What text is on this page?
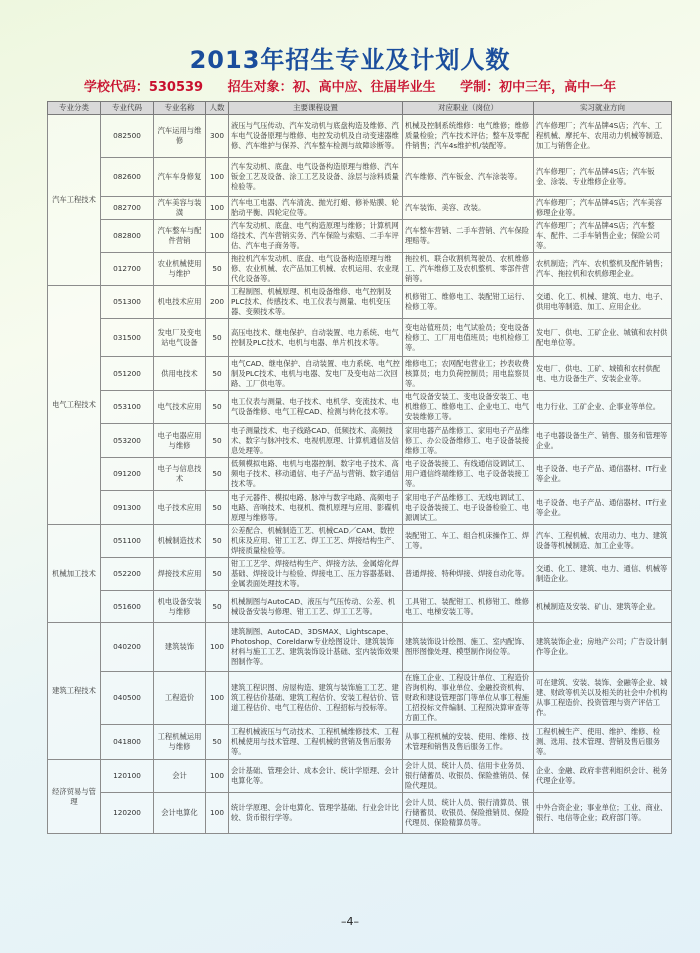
2013年招生专业及计划人数
学校代码：530539 招生对象：初、高中应、往届毕业生 学制：初中三年，高中一年
专业分类	专业代码	专业名称	人数	主要课程设置	对应职业（岗位）	实习就业方向
汽车工程技术	082500	汽车运用与维修	300	液压与气压传动、汽车发动机与底盘构造及维修、汽车电气设备原理与维修、电控发动机及自动变速器维修、汽车维护与保养、汽车整车检测与故障诊断等。	机械及控制系统维修：电气维修；维修质量检验；汽车技术评估；整车及零配件销售；汽车4s维护机/装配等。	汽车修理厂；汽车品牌4S店；汽车、工程机械、摩托车、农用动力机械等制造、加工与销售企业。
	082600	汽车车身修复	100	汽车发动机、底盘、电气设备构造原理与维修、汽车钣金工艺及设备、涂工工艺及设备、涂层与涂料质量检验等。	汽车维修、汽车钣金、汽车涂装等。	汽车修理厂；汽车品牌4S店；汽车钣金、涂装、专业维修企业等。
	082700	汽车美容与装潢	100	汽车电工电器、汽车清洗、抛光打蜡、修补贴膜、轮胎动平衡、四轮定位等。	汽车装饰、美容、改装。	汽车修理厂；汽车品牌4S店；汽车美容修理企业等。
	082800	汽车整车与配件营销	100	汽车发动机、底盘、电气构造原理与维修；计算机网络技术、汽车营销实务、汽车保险与索赔、二手车评估、汽车电子商务等。	汽车整车营销、二手车营销、汽车保险理赔等。	汽车修理厂；汽车品牌4S店；汽车整车、配件、二手车销售企业；保险公司等。
	012700	农业机械使用与维护	50	拖拉机汽车发动机、底盘、电气设备构造原理与维修、农业机械、农产品加工机械、农机运用、农业现代化设备等。	拖拉机、联合收割机驾驶员、农机维修工、汽车维修工及农机整机、零部件营销等。	农机制造；汽车、农机整机及配件销售；汽车、拖拉机和农机修理企业。
电气工程技术	051300	机电技术应用	200	工程制图、机械原理、机电设备维修、电气控制及PLC技术、传感技术、电工仪表与测量、电机变压器、变频技术等。	机修钳工、维修电工、装配钳工运行、检修工等。	交通、化工、机械、建筑、电力、电子、供用电等制造、加工、应用企业。
	031500	发电厂及变电站电气设备	50	高压电技术、继电保护、自动装置、电力系统、电气控制及PLC技术、电机与电器、单片机技术等。	变电站值班员；电气试验员；变电设备检修工、工厂用电值班员；电机检修工等。	发电厂、供电、工矿企业、城镇和农村供配电单位等。
	051200	供用电技术	50	电气CAD、继电保护、自动装置、电力系统、电气控制及PLC技术、电机与电器、发电厂及变电站二次回路、工厂供电等。	维修电工；农网配电营业工；抄表收费核算员；电力负荷控制员；用电监察员等。	发电厂、供电、工矿、城镇和农村供配电、电力设备生产、安装企业等。
	053100	电气技术应用	50	电工仪表与测量、电子技术、电机学、变流技术、电气设备维修、电气工程CAD、检测与转化技术等。	电气设备安装工、变电设备安装工、电机维修工、维修电工、企业电工、电气安装维修工等。	电力行业、工矿企业、企事业等单位。
	053200	电子电器应用与维修	50	电子测量技术、电子线路CAD、低频技术、高频技术、数字与脉冲技术、电视机原理、计算机通信及信息处理等。	家用电器产品维修工、家用电子产品维修工、办公设备维修工、电子设备装接维修工等。	电子电器设备生产、销售、服务和管理等企业。
	091200	电子与信息技术	50	低频模拟电路、电机与电器控制、数字电子技术、高频电子技术、移动通信、电子产品与营销、数字通信技术等。	电子设备装接工、有线通信设调试工、用户通信终端维修工、电子设备装接工等。	电子设备、电子产品、通信器材、IT行业等企业。
	091300	电子技术应用	50	电子元器件、模拟电路、脉冲与数字电路、高频电子电路、音响技术、电视机、微机原理与应用、影碟机原理与维修等。	家用电子产品维修工、无线电调试工、电子设备装接工、电子设备检验工、电源调试工。	电子设备、电子产品、通信器材、IT行业等企业。
机械加工技术	051100	机械制造技术	50	公差配合、机械制造工艺、机械CAD／CAM、数控机床及应用、钳工工艺、焊工工艺、焊接结构生产、焊接质量检验等。	装配钳工、车工、组合机床操作工、焊工等。	汽车、工程机械、农用动力、电力、建筑设备等机械制造、加工企业等。
	052200	焊接技术应用	50	钳工工艺学、焊接结构生产、焊接方法、金属熔化焊基础、焊接设计与检验、焊接电工、压力容器基础、金属表面处理技术等。	普通焊接、特种焊接、焊接自动化等。	交通、化工、建筑、电力、通信、机械等制造企业。
	051600	机电设备安装与维修	50	机械制图与AutoCAD、液压与气压传动、公差、机械设备安装与修理、钳工工艺、焊工工艺等。	工具钳工、装配钳工、机修钳工、维修电工、电梯安装工等。	机械制造及安装、矿山、建筑等企业。
建筑工程技术	040200	建筑装饰	100	建筑制图、AutoCAD、3DSMAX、Lightscape、Photoshop、Coreldarw专业绘图设计、建筑装饰材料与施工工艺、建筑装饰设计基础、室内装饰效果图制作等。	建筑装饰设计绘图、施工、室内配饰、图形图像处理、模型制作岗位等。	建筑装饰企业；房地产公司；广告设计制作等企业。
	040500	工程造价	100	建筑工程识图、房屋构造、建筑与装饰施工工艺、建筑工程估价基础、建筑工程估价、安装工程估价、管道工程估价、电气工程估价、工程招标与投标等。	在施工企业、工程设计单位、工程造价咨询机构、事业单位、金融投资机构、财政和建设管理部门等单位从事工程施工招投标文件编制、工程预决算审查等方面工作。	可在建筑、安装、装饰、金融等企业、城建、财政等机关以及相关的社会中介机构从事工程造价、投资管理与资产评估工作。
	041800	工程机械运用与维修	50	工程机械液压与气动技术、工程机械维修技术、工程机械使用与技术管理、工程机械的营销及售后服务等。	从事工程机械的安装、使用、维修、技术管理和销售及售后服务工作。	工程机械生产、使用、维护、维修、检测、选用、技术管理、营销及售后服务等。
经济贸易与管理	120100	会计	100	会计基础、管理会计、成本会计、统计学原理、会计电算化等。	会计人员、统计人员、信用卡业务员、银行储蓄员、收银员、保险推销员、保险代理员。	企业、金融、政府非营利组织会计、税务代理企业等。
	120200	会计电算化	100	统计学原理、会计电算化、管理学基础、行业会计比较、货币银行学等。	会计人员、统计人员、银行清算员、银行储蓄员、收银员、保险推销员、保险代理员、保险精算员等。	中外合资企业；事业单位；工业、商业、银行、电信等企业；政府部门等。
–4–
